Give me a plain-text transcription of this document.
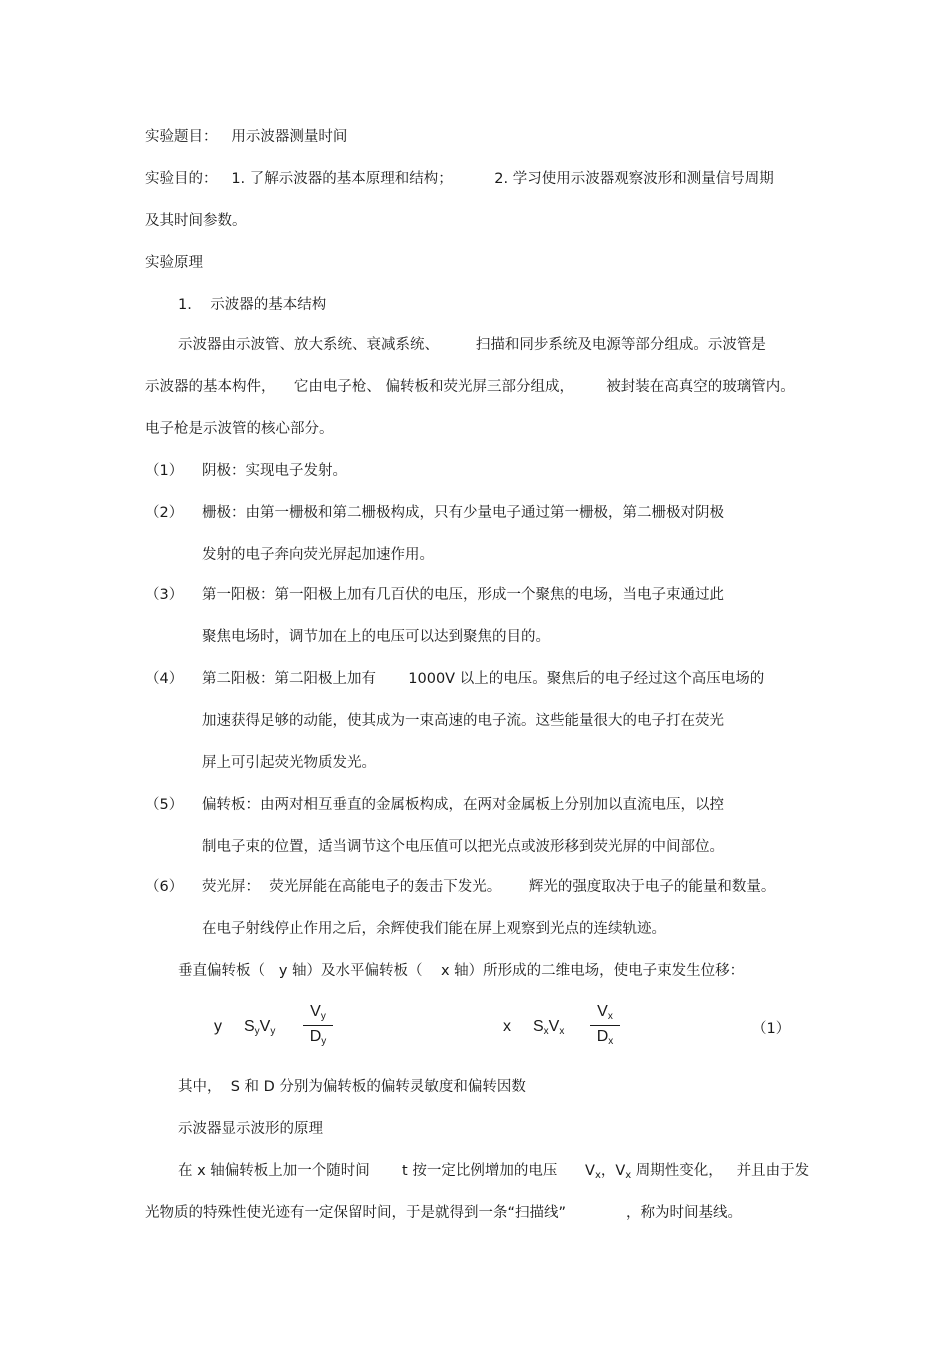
实验题目：   用示波器测量时间

实验目的：   1. 了解示波器的基本原理和结构；         2. 学习使用示波器观察波形和测量信号周期

及其时间参数。

实验原理

1.    示波器的基本结构

示波器由示波管、放大系统、衰减系统、        扫描和同步系统及电源等部分组成。示波管是

示波器的基本构件，    它由电子枪、 偏转板和荧光屏三部分组成，       被封装在高真空的玻璃管内。

电子枪是示波管的核心部分。

（1） 阴极：实现电子发射。

（2） 栅极：由第一栅极和第二栅极构成，只有少量电子通过第一栅极，第二栅极对阴极

发射的电子奔向荧光屏起加速作用。

（3） 第一阳极：第一阳极上加有几百伏的电压，形成一个聚焦的电场，当电子束通过此

聚焦电场时，调节加在上的电压可以达到聚焦的目的。

（4） 第二阳极：第二阳极上加有       1000V 以上的电压。聚焦后的电子经过这个高压电场的

加速获得足够的动能，使其成为一束高速的电子流。这些能量很大的电子打在荧光

屏上可引起荧光物质发光。

（5） 偏转板：由两对相互垂直的金属板构成，在两对金属板上分别加以直流电压，以控

制电子束的位置，适当调节这个电压值可以把光点或波形移到荧光屏的中间部位。

（6） 荧光屏：  荧光屏能在高能电子的轰击下发光。      辉光的强度取决于电子的能量和数量。

在电子射线停止作用之后，余辉使我们能在屏上观察到光点的连续轨迹。

垂直偏转板（   y 轴）及水平偏转板（    x 轴）所形成的二维电场，使电子束发生位移：

y SyVy
Vy
Dy
x SxVx
Vx
Dx
（1）

其中，  S 和 D 分别为偏转板的偏转灵敏度和偏转因数

示波器显示波形的原理

在 x 轴偏转板上加一个随时间       t 按一定比例增加的电压      $V_x$，$V_x$ 周期性变化，   并且由于发

光物质的特殊性使光迹有一定保留时间，于是就得到一条“扫描线”             ，称为时间基线。
